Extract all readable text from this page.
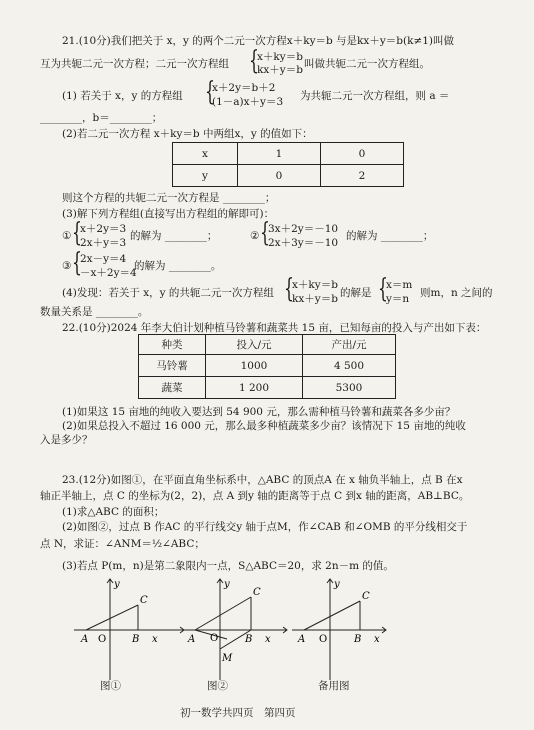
21.(10分)我们把关于 x，y 的两个二元一次方程x＋ky＝b 与是kx＋y＝b(k≠1)叫做
互为共轭二元一次方程；二元一次方程组 {
x＋ky＝b
kx＋y＝b 叫做共轭二元一次方程组。
(1) 若关于 x，y 的方程组 {
x＋2y＝b＋2
(1－a)x＋y＝3 为共轭二元一次方程组，则 a ＝
________，b＝________；
(2)若二元一次方程 x＋ky＝b 中两组x，y 的值如下：
x	1	0
y	0	2
则这个方程的共轭二元一次方程是 ________；
(3)解下列方程组(直接写出方程组的解即可)：
① {
x＋2y＝3
2x＋y＝3
的解为 ________；	② {
3x＋2y＝－10
2x＋3y＝－10
的解为 ________；
③ {
2x－y＝4
－x＋2y＝4
的解为 ________。
(4)发现：若关于 x，y 的共轭二元一次方程组 {
x＋ky＝b
kx＋y＝b 的解是 {
x＝m
y＝n 则m，n 之间的
数量关系是 ________。
22.(10分)2024 年李大伯计划种植马铃薯和蔬菜共 15 亩，已知每亩的投入与产出如下表：
种类	投入/元	产出/元
马铃薯	1000	4 500
蔬菜	1 200	5300
(1)如果这 15 亩地的纯收入要达到 54 900 元，那么需种植马铃薯和蔬菜各多少亩？
(2)如果总投入不超过 16 000 元，那么最多种植蔬菜多少亩？该情况下 15 亩地的纯收
入是多少？
23.(12分)如图①，在平面直角坐标系中，△ABC 的顶点A 在 x 轴负半轴上，点 B 在x
轴正半轴上，点 C 的坐标为(2，2)，点 A 到y 轴的距离等于点 C 到x 轴的距离，AB⊥BC。
(1)求△ABC 的面积；
(2)如图②，过点 B 作AC 的平行线交y 轴于点M，作∠CAB 和∠OMB 的平分线相交于
点 N，求证：∠ANM＝½∠ABC；
(3)若点 P(m，n)是第二象限内一点，S△ABC＝20，求 2n－m 的值。
A O	B
C
x
y
图①
A O	B
C
M
x
y
图②
A O	B
C
x
y
备用图
初一数学共四页　第四页
